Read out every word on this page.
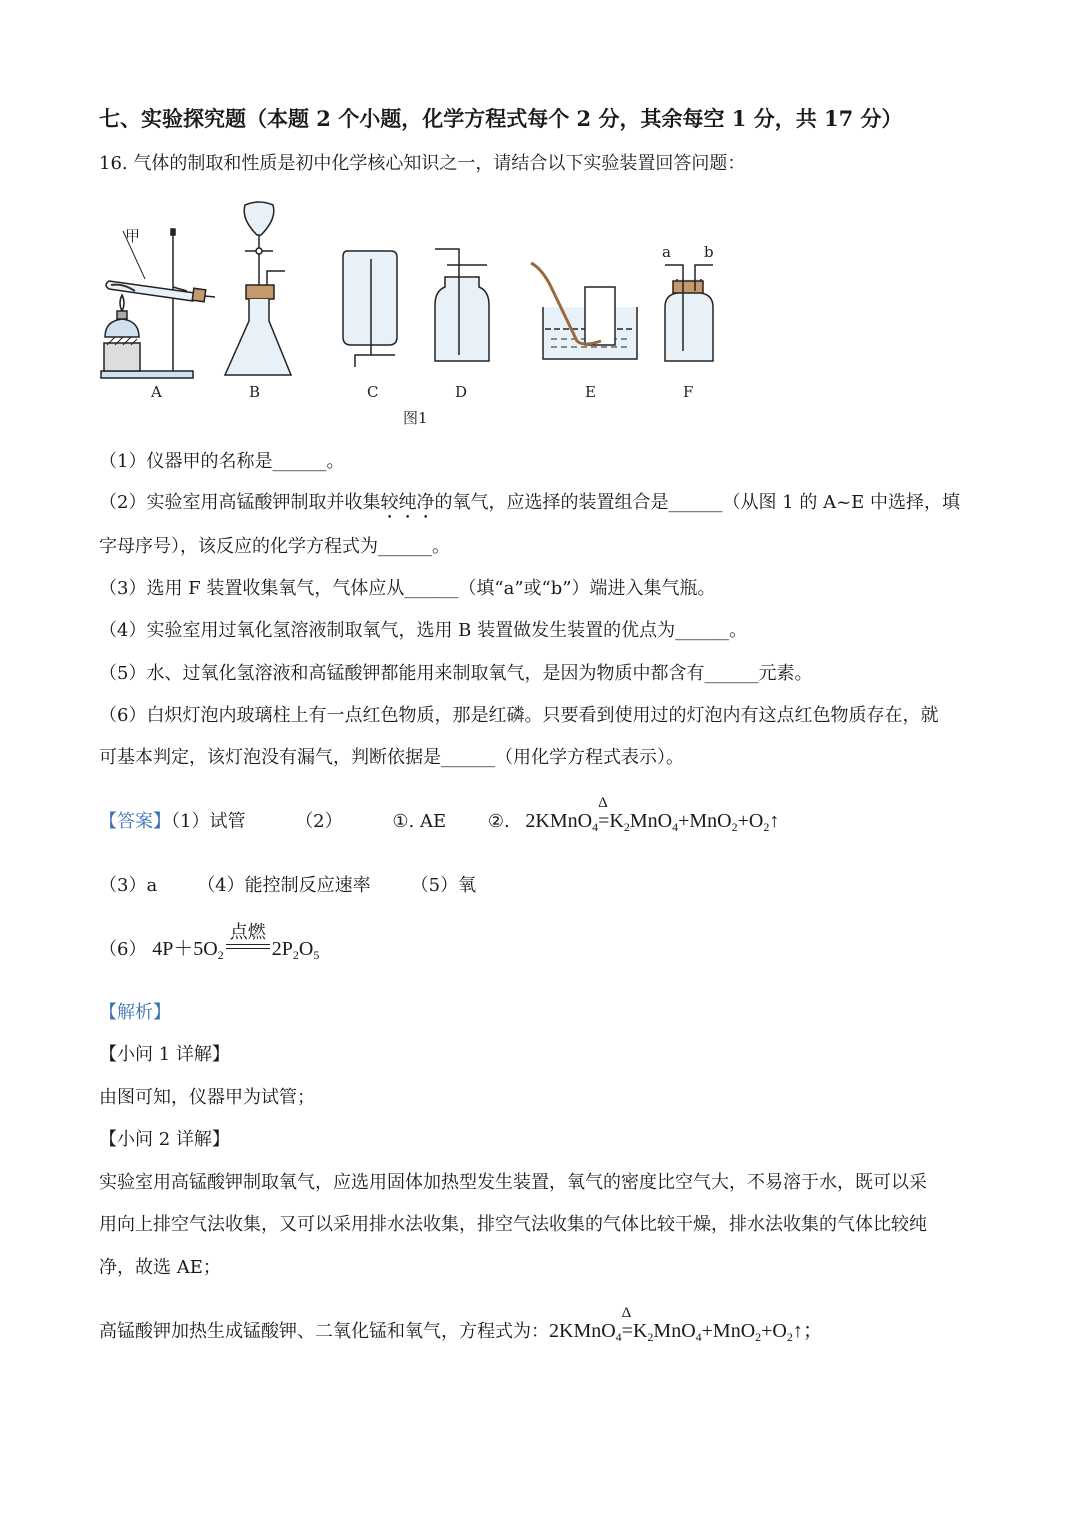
七、实验探究题（本题 2 个小题，化学方程式每个 2 分，其余每空 1 分，共 17 分）
16. 气体的制取和性质是初中化学核心知识之一，请结合以下实验装置回答问题：
甲
a b
A	B	C	D	E	F
图1
（1）仪器甲的名称是______。
（2）实验室用高锰酸钾制取并收集较纯净的氧气，应选择的装置组合是______（从图 1 的 A~E 中选择，填
字母序号），该反应的化学方程式为______。
（3）选用 F 装置收集氧气，气体应从______（填“a”或“b”）端进入集气瓶。
（4）实验室用过氧化氢溶液制取氧气，选用 B 装置做发生装置的优点为______。
（5）水、过氧化氢溶液和高锰酸钾都能用来制取氧气，是因为物质中都含有______元素。
（6）白炽灯泡内玻璃柱上有一点红色物质，那是红磷。只要看到使用过的灯泡内有这点红色物质存在，就
可基本判定，该灯泡没有漏气，判断依据是______（用化学方程式表示）。
【答案】（1）试管	（2）	①. AE ②. 2KMnO$_4$
Δ
$=K_2MnO_4+MnO_2+O_2↑$
（3）a （4）能控制反应速率 （5）氧
（6） $4P+5O_2$
点燃
$2P_2O_5$
【解析】
【小问 1 详解】
由图可知，仪器甲为试管；
【小问 2 详解】
实验室用高锰酸钾制取氧气，应选用固体加热型发生装置，氧气的密度比空气大，不易溶于水，既可以采
用向上排空气法收集，又可以采用排水法收集，排空气法收集的气体比较干燥，排水法收集的气体比较纯
净，故选 AE；
高锰酸钾加热生成锰酸钾、二氧化锰和氧气，方程式为：2KMnO$_4$
Δ
$=K_2MnO_4+MnO_2+O_2↑$；
